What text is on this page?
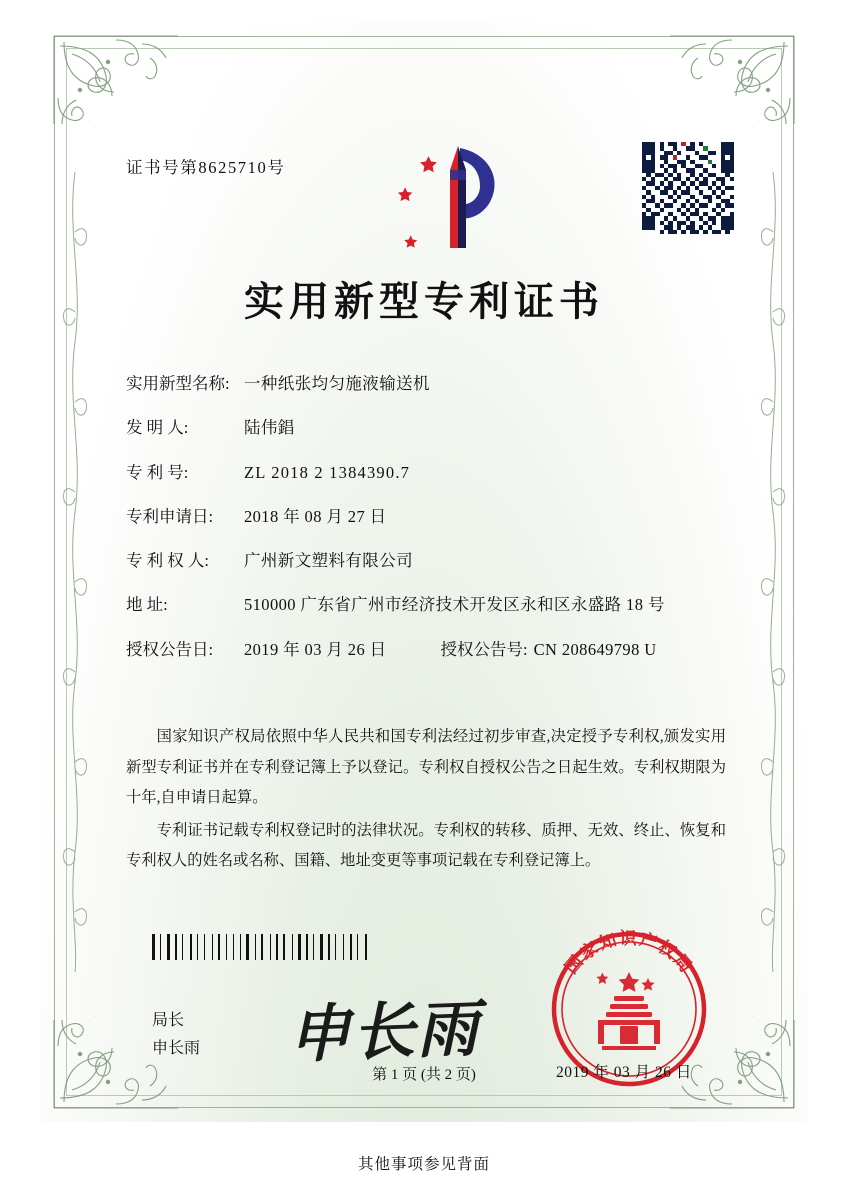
证书号第8625710号
实用新型专利证书
实用新型名称: 一种纸张均匀施液输送机
发 明 人:	陆伟錩
专 利 号:	ZL 2018 2 1384390.7
专利申请日:	2018 年 08 月 27 日
专 利 权 人:	广州新文塑料有限公司
地 址:	510000 广东省广州市经济技术开发区永和区永盛路 18 号
授权公告日:	2019 年 03 月 26 日	授权公告号: CN 208649798 U

国家知识产权局依照中华人民共和国专利法经过初步审查,决定授予专利权,颁发实用新型专利证书并在专利登记簿上予以登记。专利权自授权公告之日起生效。专利权期限为十年,自申请日起算。

专利证书记载专利权登记时的法律状况。专利权的转移、质押、无效、终止、恢复和专利权人的姓名或名称、国籍、地址变更等事项记载在专利登记簿上。

局长
申长雨 申长雨
国家知识产权局
2019 年 03 月 26 日
第 1 页 (共 2 页)
其他事项参见背面
